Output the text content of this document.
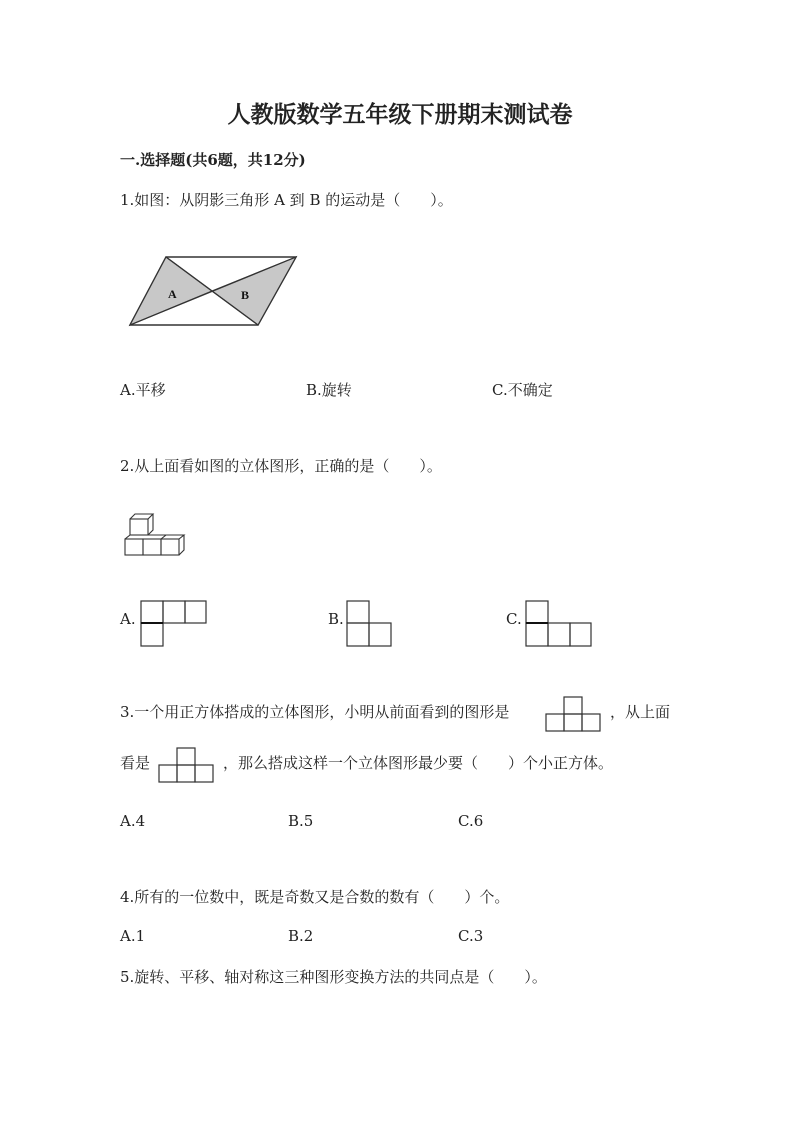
人教版数学五年级下册期末测试卷
一.选择题(共6题，共12分)
1.如图：从阴影三角形 A 到 B 的运动是（　　）。
A	B
A.平移	B.旋转	C.不确定
2.从上面看如图的立体图形，正确的是（　　）。
A.	B.	C.
3.一个用正方体搭成的立体图形，小明从前面看到的图形是	，从上面
看是	，那么搭成这样一个立体图形最少要（　　）个小正方体。
A.4	B.5	C.6
4.所有的一位数中，既是奇数又是合数的数有（　　）个。
A.1	B.2	C.3
5.旋转、平移、轴对称这三种图形变换方法的共同点是（　　）。
